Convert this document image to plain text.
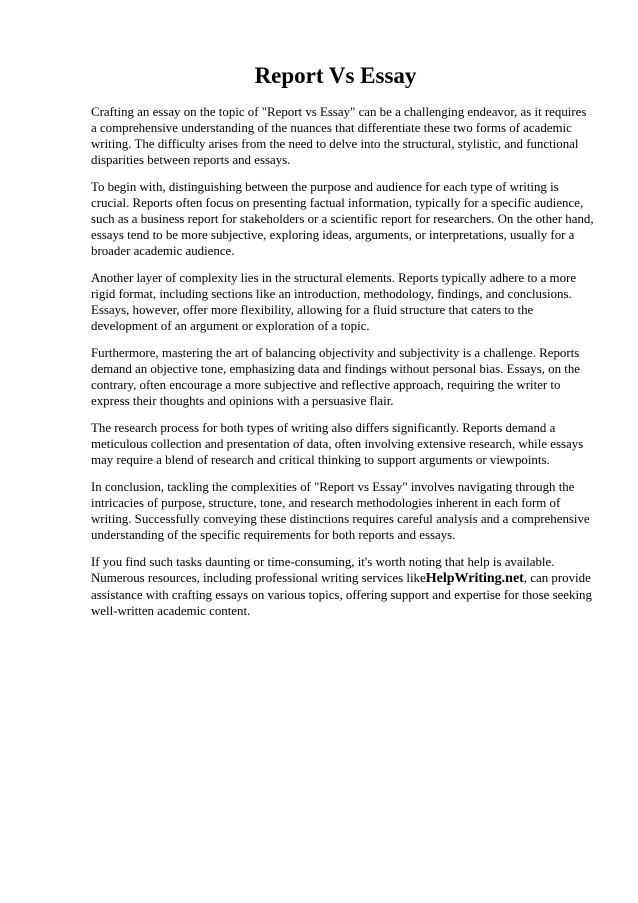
Report Vs Essay

Crafting an essay on the topic of "Report vs Essay" can be a challenging endeavor, as it requires a comprehensive understanding of the nuances that differentiate these two forms of academic writing. The difficulty arises from the need to delve into the structural, stylistic, and functional disparities between reports and essays.

To begin with, distinguishing between the purpose and audience for each type of writing is crucial. Reports often focus on presenting factual information, typically for a specific audience, such as a business report for stakeholders or a scientific report for researchers. On the other hand, essays tend to be more subjective, exploring ideas, arguments, or interpretations, usually for a broader academic audience.

Another layer of complexity lies in the structural elements. Reports typically adhere to a more rigid format, including sections like an introduction, methodology, findings, and conclusions. Essays, however, offer more flexibility, allowing for a fluid structure that caters to the development of an argument or exploration of a topic.

Furthermore, mastering the art of balancing objectivity and subjectivity is a challenge. Reports demand an objective tone, emphasizing data and findings without personal bias. Essays, on the contrary, often encourage a more subjective and reflective approach, requiring the writer to express their thoughts and opinions with a persuasive flair.

The research process for both types of writing also differs significantly. Reports demand a meticulous collection and presentation of data, often involving extensive research, while essays may require a blend of research and critical thinking to support arguments or viewpoints.

In conclusion, tackling the complexities of "Report vs Essay" involves navigating through the intricacies of purpose, structure, tone, and research methodologies inherent in each form of writing. Successfully conveying these distinctions requires careful analysis and a comprehensive understanding of the specific requirements for both reports and essays.

If you find such tasks daunting or time-consuming, it's worth noting that help is available. Numerous resources, including professional writing services likeHelpWriting.net, can provide assistance with crafting essays on various topics, offering support and expertise for those seeking well-written academic content.
